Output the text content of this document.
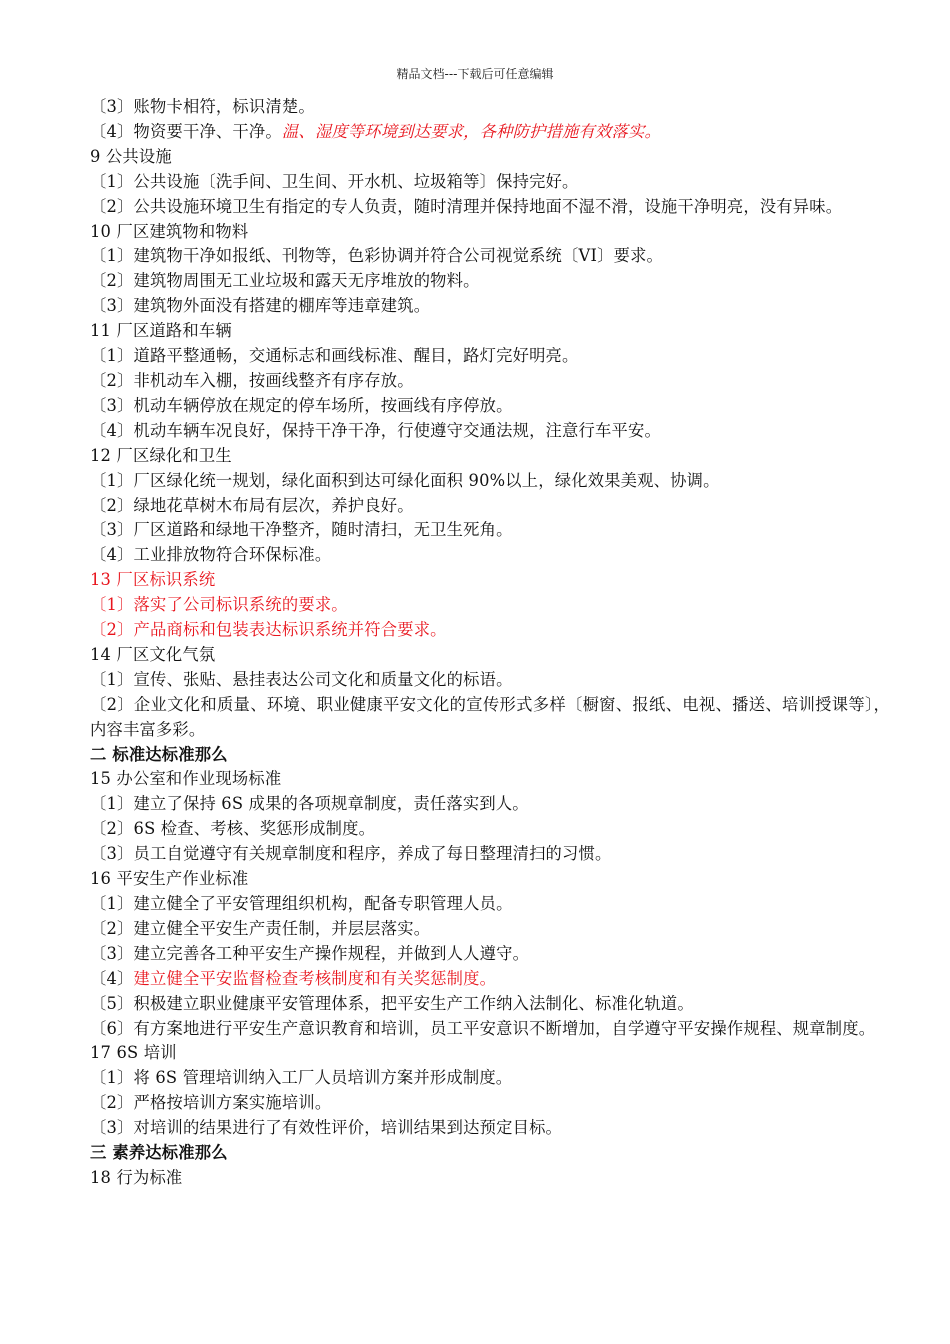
精品文档---下载后可任意编辑
〔3〕账物卡相符，标识清楚。
〔4〕物资要干净、干净。温、湿度等环境到达要求，各种防护措施有效落实。
9 公共设施
〔1〕公共设施〔洗手间、卫生间、开水机、垃圾箱等〕保持完好。
〔2〕公共设施环境卫生有指定的专人负责，随时清理并保持地面不湿不滑，设施干净明亮，没有异味。
10 厂区建筑物和物料
〔1〕建筑物干净如报纸、刊物等，色彩协调并符合公司视觉系统〔VI〕要求。
〔2〕建筑物周围无工业垃圾和露天无序堆放的物料。
〔3〕建筑物外面没有搭建的棚库等违章建筑。
11 厂区道路和车辆
〔1〕道路平整通畅，交通标志和画线标准、醒目，路灯完好明亮。
〔2〕非机动车入棚，按画线整齐有序存放。
〔3〕机动车辆停放在规定的停车场所，按画线有序停放。
〔4〕机动车辆车况良好，保持干净干净，行使遵守交通法规，注意行车平安。
12 厂区绿化和卫生
〔1〕厂区绿化统一规划，绿化面积到达可绿化面积 90%以上，绿化效果美观、协调。
〔2〕绿地花草树木布局有层次，养护良好。
〔3〕厂区道路和绿地干净整齐，随时清扫，无卫生死角。
〔4〕工业排放物符合环保标准。
13 厂区标识系统
〔1〕落实了公司标识系统的要求。
〔2〕产品商标和包装表达标识系统并符合要求。
14 厂区文化气氛
〔1〕宣传、张贴、悬挂表达公司文化和质量文化的标语。
〔2〕企业文化和质量、环境、职业健康平安文化的宣传形式多样〔橱窗、报纸、电视、播送、培训授课等〕，内容丰富多彩。
二 标准达标准那么
15 办公室和作业现场标准
〔1〕建立了保持 6S 成果的各项规章制度，责任落实到人。
〔2〕6S 检查、考核、奖惩形成制度。
〔3〕员工自觉遵守有关规章制度和程序，养成了每日整理清扫的习惯。
16 平安生产作业标准
〔1〕建立健全了平安管理组织机构，配备专职管理人员。
〔2〕建立健全平安生产责任制，并层层落实。
〔3〕建立完善各工种平安生产操作规程，并做到人人遵守。
〔4〕建立健全平安监督检查考核制度和有关奖惩制度。
〔5〕积极建立职业健康平安管理体系，把平安生产工作纳入法制化、标准化轨道。
〔6〕有方案地进行平安生产意识教育和培训，员工平安意识不断增加，自学遵守平安操作规程、规章制度。
17 6S 培训
〔1〕将 6S 管理培训纳入工厂人员培训方案并形成制度。
〔2〕严格按培训方案实施培训。
〔3〕对培训的结果进行了有效性评价，培训结果到达预定目标。
三 素养达标准那么
18 行为标准
